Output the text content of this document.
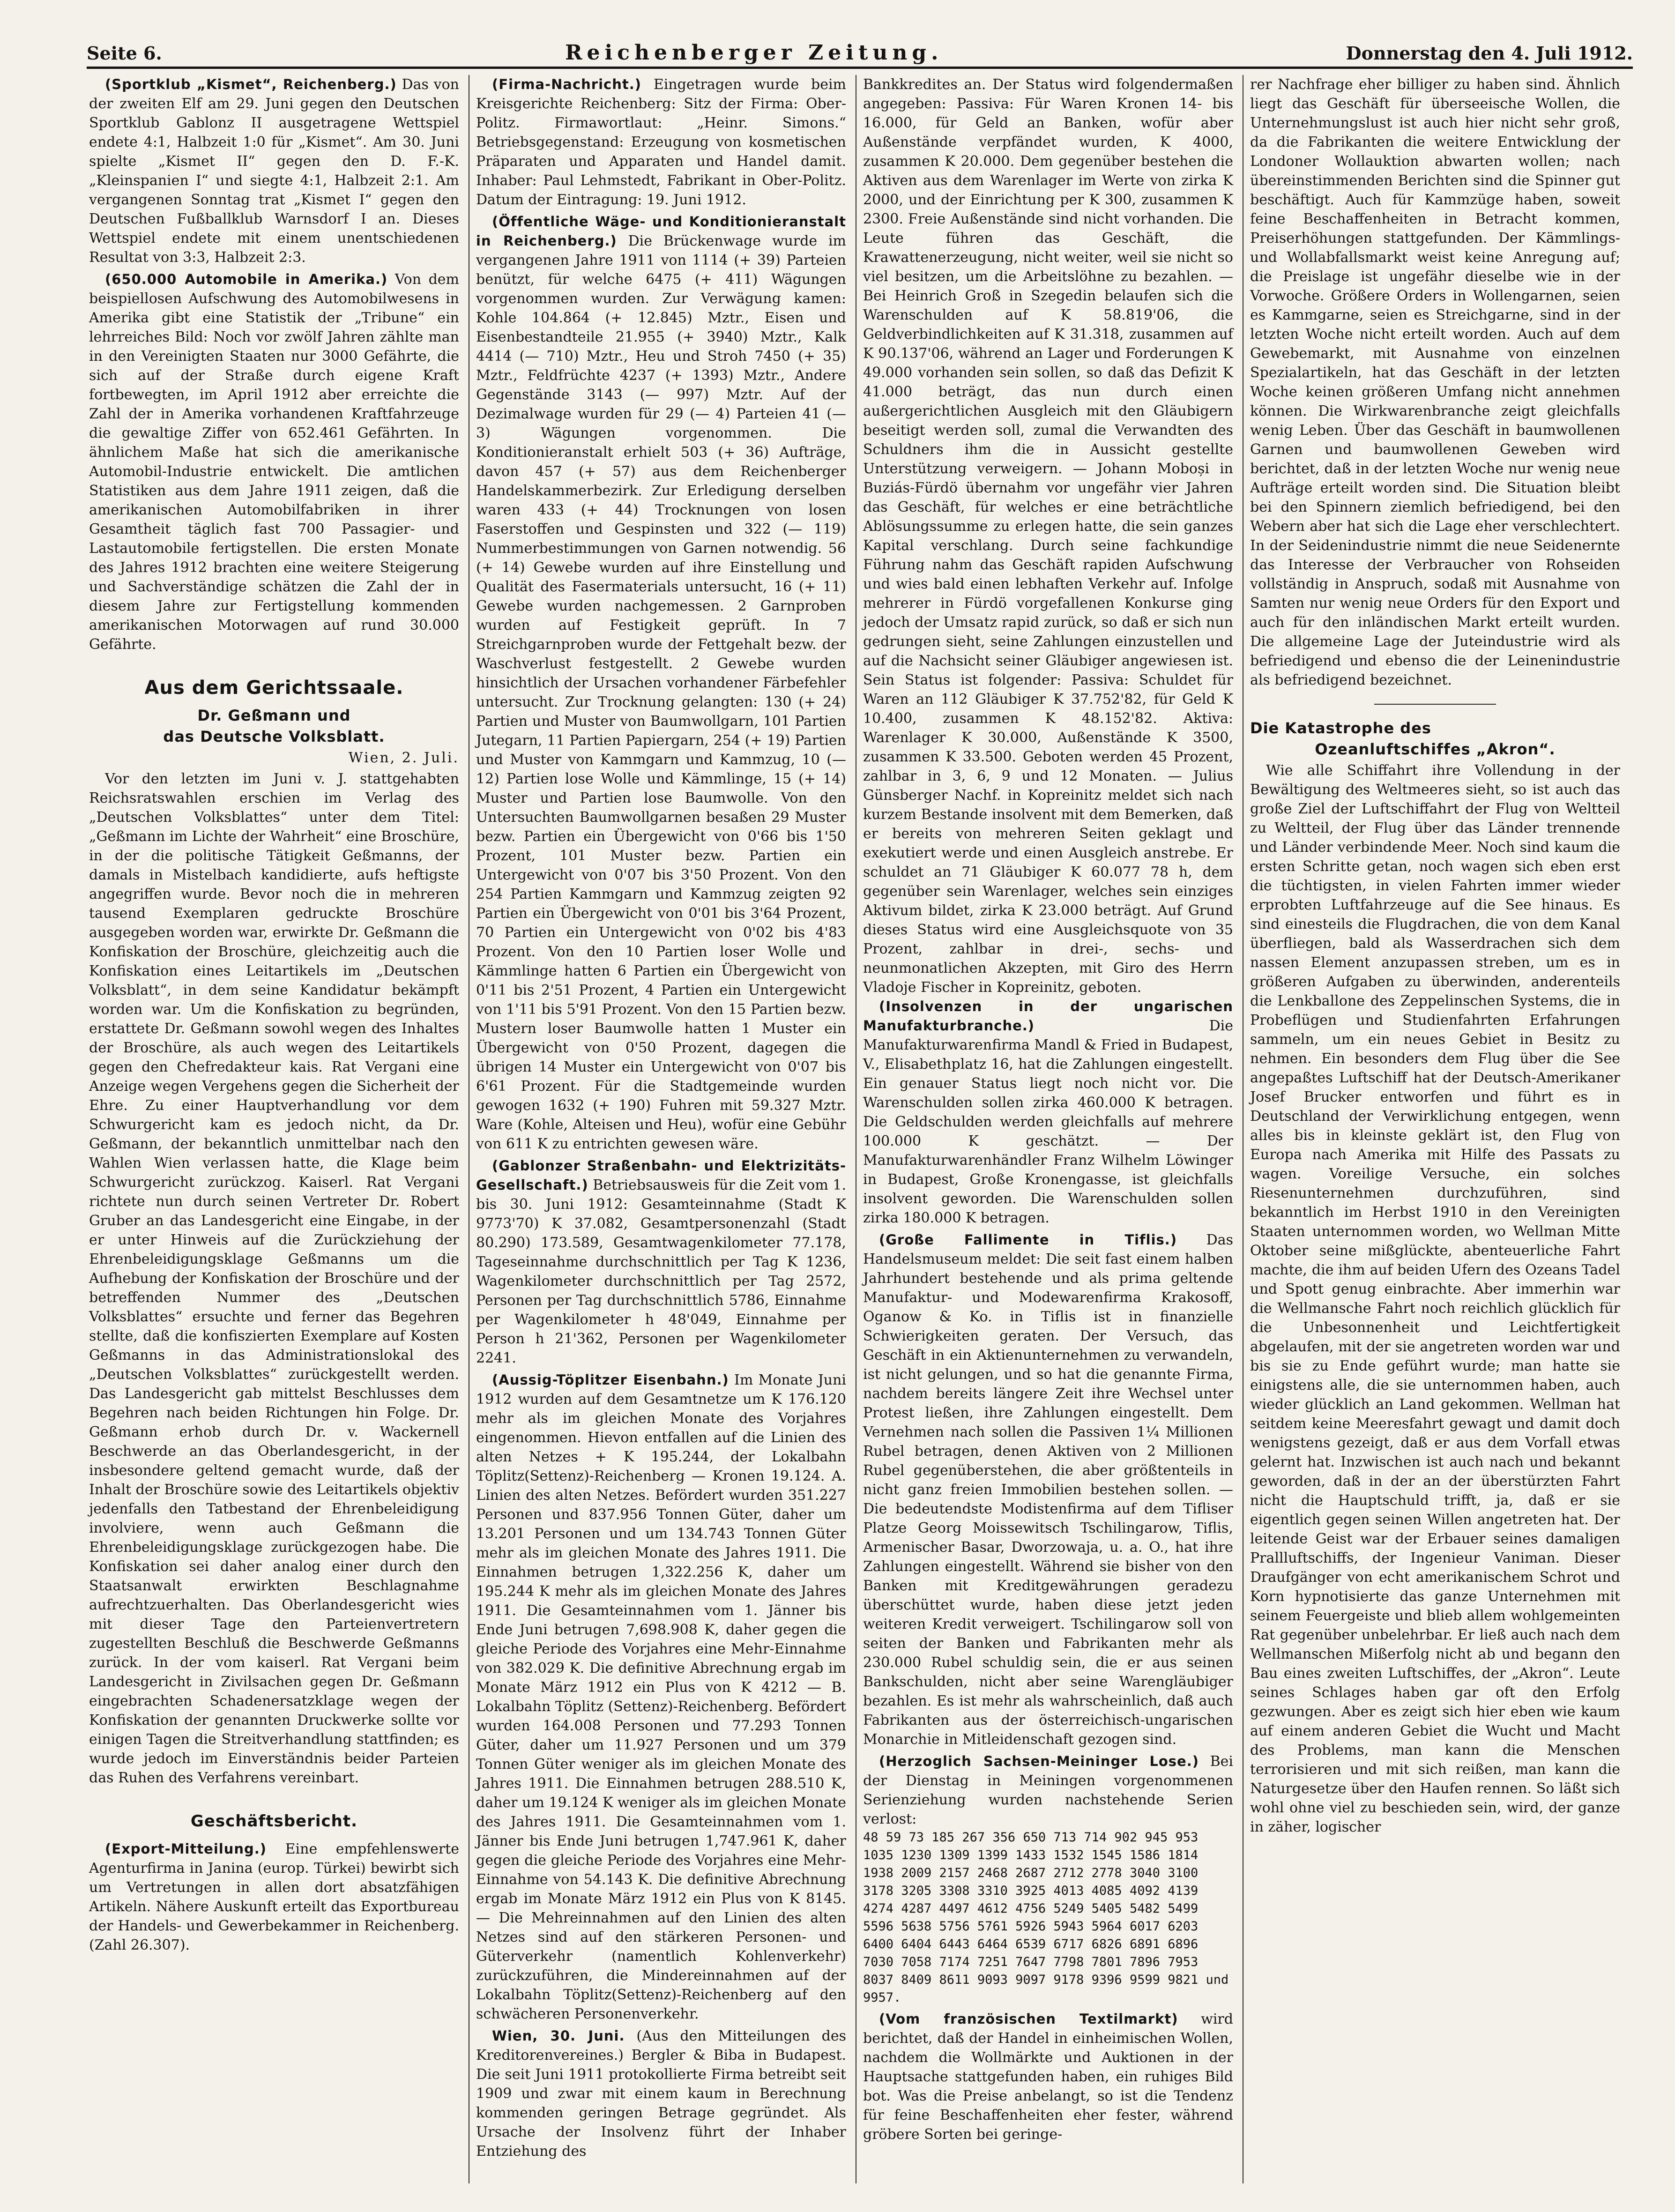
Seite 6.	Reichenberger Zeitung.	Donnerstag den 4. Juli 1912.

(Sportklub „Kismet“, Reichenberg.) Das von der zweiten Elf am 29. Juni gegen den Deutschen Sportklub Gablonz II ausgetragene Wettspiel endete 4:1, Halbzeit 1:0 für „Kismet“. Am 30. Juni spielte „Kismet II“ gegen den D. F.-K. „Kleinspanien I“ und siegte 4:1, Halbzeit 2:1. Am vergangenen Sonntag trat „Kismet I“ gegen den Deutschen Fußballklub Warnsdorf I an. Dieses Wettspiel endete mit einem unentschiedenen Resultat von 3:3, Halbzeit 2:3.

(650.000 Automobile in Amerika.) Von dem beispiellosen Aufschwung des Automobilwesens in Amerika gibt eine Statistik der „Tribune“ ein lehrreiches Bild: Noch vor zwölf Jahren zählte man in den Vereinigten Staaten nur 3000 Gefährte, die sich auf der Straße durch eigene Kraft fortbewegten, im April 1912 aber erreichte die Zahl der in Amerika vorhandenen Kraftfahrzeuge die gewaltige Ziffer von 652.461 Gefährten. In ähnlichem Maße hat sich die amerikanische Automobil-Industrie entwickelt. Die amtlichen Statistiken aus dem Jahre 1911 zeigen, daß die amerikanischen Automobilfabriken in ihrer Gesamtheit täglich fast 700 Passagier- und Lastautomobile fertigstellen. Die ersten Monate des Jahres 1912 brachten eine weitere Steigerung und Sachverständige schätzen die Zahl der in diesem Jahre zur Fertigstellung kommenden amerikanischen Motorwagen auf rund 30.000 Gefährte.

Aus dem Gerichtssaale.
Dr. Geßmann und
das Deutsche Volksblatt.
Wien, 2. Juli.

Vor den letzten im Juni v. J. stattgehabten Reichsratswahlen erschien im Verlag des „Deutschen Volksblattes“ unter dem Titel: „Geßmann im Lichte der Wahrheit“ eine Broschüre, in der die politische Tätigkeit Geßmanns, der damals in Mistelbach kandidierte, aufs heftigste angegriffen wurde. Bevor noch die in mehreren tausend Exemplaren gedruckte Broschüre ausgegeben worden war, erwirkte Dr. Geßmann die Konfiskation der Broschüre, gleichzeitig auch die Konfiskation eines Leitartikels im „Deutschen Volksblatt“, in dem seine Kandidatur bekämpft worden war. Um die Konfiskation zu begründen, erstattete Dr. Geßmann sowohl wegen des Inhaltes der Broschüre, als auch wegen des Leitartikels gegen den Chefredakteur kais. Rat Vergani eine Anzeige wegen Vergehens gegen die Sicherheit der Ehre. Zu einer Hauptverhandlung vor dem Schwurgericht kam es jedoch nicht, da Dr. Geßmann, der bekanntlich unmittelbar nach den Wahlen Wien verlassen hatte, die Klage beim Schwurgericht zurückzog. Kaiserl. Rat Vergani richtete nun durch seinen Vertreter Dr. Robert Gruber an das Landesgericht eine Eingabe, in der er unter Hinweis auf die Zurückziehung der Ehrenbeleidigungsklage Geßmanns um die Aufhebung der Konfiskation der Broschüre und der betreffenden Nummer des „Deutschen Volksblattes“ ersuchte und ferner das Begehren stellte, daß die konfiszierten Exemplare auf Kosten Geßmanns in das Administrationslokal des „Deutschen Volksblattes“ zurückgestellt werden. Das Landesgericht gab mittelst Beschlusses dem Begehren nach beiden Richtungen hin Folge. Dr. Geßmann erhob durch Dr. v. Wackernell Beschwerde an das Oberlandesgericht, in der insbesondere geltend gemacht wurde, daß der Inhalt der Broschüre sowie des Leitartikels objektiv jedenfalls den Tatbestand der Ehrenbeleidigung involviere, wenn auch Geßmann die Ehrenbeleidigungsklage zurückgezogen habe. Die Konfiskation sei daher analog einer durch den Staatsanwalt erwirkten Beschlagnahme aufrechtzuerhalten. Das Oberlandesgericht wies mit dieser Tage den Parteienvertretern zugestellten Beschluß die Beschwerde Geßmanns zurück. In der vom kaiserl. Rat Vergani beim Landesgericht in Zivilsachen gegen Dr. Geßmann eingebrachten Schadenersatzklage wegen der Konfiskation der genannten Druckwerke sollte vor einigen Tagen die Streitverhandlung stattfinden; es wurde jedoch im Einverständnis beider Parteien das Ruhen des Verfahrens vereinbart.

Geschäftsbericht.

(Export-Mitteilung.) Eine empfehlenswerte Agenturfirma in Janina (europ. Türkei) bewirbt sich um Vertretungen in allen dort absatzfähigen Artikeln. Nähere Auskunft erteilt das Exportbureau der Handels- und Gewerbekammer in Reichenberg. (Zahl 26.307).

(Firma-Nachricht.) Eingetragen wurde beim Kreisgerichte Reichenberg: Sitz der Firma: Ober-Politz. Firmawortlaut: „Heinr. Simons.“ Betriebsgegenstand: Erzeugung von kosmetischen Präparaten und Apparaten und Handel damit. Inhaber: Paul Lehmstedt, Fabrikant in Ober-Politz. Datum der Eintragung: 19. Juni 1912.

(Öffentliche Wäge- und Konditionieranstalt in Reichenberg.) Die Brückenwage wurde im vergangenen Jahre 1911 von 1114 (+ 39) Parteien benützt, für welche 6475 (+ 411) Wägungen vorgenommen wurden. Zur Verwägung kamen: Kohle 104.864 (+ 12.845) Mztr., Eisen und Eisenbestandteile 21.955 (+ 3940) Mztr., Kalk 4414 (— 710) Mztr., Heu und Stroh 7450 (+ 35) Mztr., Feldfrüchte 4237 (+ 1393) Mztr., Andere Gegenstände 3143 (— 997) Mztr. Auf der Dezimalwage wurden für 29 (— 4) Parteien 41 (— 3) Wägungen vorgenommen. Die Konditionieranstalt erhielt 503 (+ 36) Aufträge, davon 457 (+ 57) aus dem Reichenberger Handelskammerbezirk. Zur Erledigung derselben waren 433 (+ 44) Trocknungen von losen Faserstoffen und Gespinsten und 322 (— 119) Nummerbestimmungen von Garnen notwendig. 56 (+ 14) Gewebe wurden auf ihre Einstellung und Qualität des Fasermaterials untersucht, 16 (+ 11) Gewebe wurden nachgemessen. 2 Garnproben wurden auf Festigkeit geprüft. In 7 Streichgarnproben wurde der Fettgehalt bezw. der Waschverlust festgestellt. 2 Gewebe wurden hinsichtlich der Ursachen vorhandener Färbefehler untersucht. Zur Trocknung gelangten: 130 (+ 24) Partien und Muster von Baumwollgarn, 101 Partien Jutegarn, 11 Partien Papiergarn, 254 (+ 19) Partien und Muster von Kammgarn und Kammzug, 10 (— 12) Partien lose Wolle und Kämmlinge, 15 (+ 14) Muster und Partien lose Baumwolle. Von den Untersuchten Baumwollgarnen besaßen 29 Muster bezw. Partien ein Übergewicht von 0'66 bis 1'50 Prozent, 101 Muster bezw. Partien ein Untergewicht von 0'07 bis 3'50 Prozent. Von den 254 Partien Kammgarn und Kammzug zeigten 92 Partien ein Übergewicht von 0'01 bis 3'64 Prozent, 70 Partien ein Untergewicht von 0'02 bis 4'83 Prozent. Von den 10 Partien loser Wolle und Kämmlinge hatten 6 Partien ein Übergewicht von 0'11 bis 2'51 Prozent, 4 Partien ein Untergewicht von 1'11 bis 5'91 Prozent. Von den 15 Partien bezw. Mustern loser Baumwolle hatten 1 Muster ein Übergewicht von 0'50 Prozent, dagegen die übrigen 14 Muster ein Untergewicht von 0'07 bis 6'61 Prozent. Für die Stadtgemeinde wurden gewogen 1632 (+ 190) Fuhren mit 59.327 Mztr. Ware (Kohle, Alteisen und Heu), wofür eine Gebühr von 611 K zu entrichten gewesen wäre.

(Gablonzer Straßenbahn- und Elektrizitäts-Gesellschaft.) Betriebsausweis für die Zeit vom 1. bis 30. Juni 1912: Gesamteinnahme (Stadt K 9773'70) K 37.082, Gesamtpersonenzahl (Stadt 80.290) 173.589, Gesamtwagenkilometer 77.178, Tageseinnahme durchschnittlich per Tag K 1236, Wagenkilometer durchschnittlich per Tag 2572, Personen per Tag durchschnittlich 5786, Einnahme per Wagenkilometer h 48'049, Einnahme per Person h 21'362, Personen per Wagenkilometer 2241.

(Aussig-Töplitzer Eisenbahn.) Im Monate Juni 1912 wurden auf dem Gesamtnetze um K 176.120 mehr als im gleichen Monate des Vorjahres eingenommen. Hievon entfallen auf die Linien des alten Netzes + K 195.244, der Lokalbahn Töplitz(Settenz)-Reichenberg — Kronen 19.124. A. Linien des alten Netzes. Befördert wurden 351.227 Personen und 837.956 Tonnen Güter, daher um 13.201 Personen und um 134.743 Tonnen Güter mehr als im gleichen Monate des Jahres 1911. Die Einnahmen betrugen 1,322.256 K, daher um 195.244 K mehr als im gleichen Monate des Jahres 1911. Die Gesamteinnahmen vom 1. Jänner bis Ende Juni betrugen 7,698.908 K, daher gegen die gleiche Periode des Vorjahres eine Mehr-Einnahme von 382.029 K. Die definitive Abrechnung ergab im Monate März 1912 ein Plus von K 4212 — B. Lokalbahn Töplitz (Settenz)-Reichenberg. Befördert wurden 164.008 Personen und 77.293 Tonnen Güter, daher um 11.927 Personen und um 379 Tonnen Güter weniger als im gleichen Monate des Jahres 1911. Die Einnahmen betrugen 288.510 K, daher um 19.124 K weniger als im gleichen Monate des Jahres 1911. Die Gesamteinnahmen vom 1. Jänner bis Ende Juni betrugen 1,747.961 K, daher gegen die gleiche Periode des Vorjahres eine Mehr-Einnahme von 54.143 K. Die definitive Abrechnung ergab im Monate März 1912 ein Plus von K 8145. — Die Mehreinnahmen auf den Linien des alten Netzes sind auf den stärkeren Personen- und Güterverkehr (namentlich Kohlenverkehr) zurückzuführen, die Mindereinnahmen auf der Lokalbahn Töplitz(Settenz)-Reichenberg auf den schwächeren Personenverkehr.

Wien, 30. Juni. (Aus den Mitteilungen des Kreditorenvereines.) Bergler & Biba in Budapest. Die seit Juni 1911 protokollierte Firma betreibt seit 1909 und zwar mit einem kaum in Berechnung kommenden geringen Betrage gegründet. Als Ursache der Insolvenz führt der Inhaber Entziehung des

Bankkredites an. Der Status wird folgendermaßen angegeben: Passiva: Für Waren Kronen 14- bis 16.000, für Geld an Banken, wofür aber Außenstände verpfändet wurden, K 4000, zusammen K 20.000. Dem gegenüber bestehen die Aktiven aus dem Warenlager im Werte von zirka K 2000, und der Einrichtung per K 300, zusammen K 2300. Freie Außenstände sind nicht vorhanden. Die Leute führen das Geschäft, die Krawattenerzeugung, nicht weiter, weil sie nicht so viel besitzen, um die Arbeitslöhne zu bezahlen. — Bei Heinrich Groß in Szegedin belaufen sich die Warenschulden auf K 58.819'06, die Geldverbindlichkeiten auf K 31.318, zusammen auf K 90.137'06, während an Lager und Forderungen K 49.000 vorhanden sein sollen, so daß das Defizit K 41.000 beträgt, das nun durch einen außergerichtlichen Ausgleich mit den Gläubigern beseitigt werden soll, zumal die Verwandten des Schuldners ihm die in Aussicht gestellte Unterstützung verweigern. — Johann Moboși in Buziás-Fürdö übernahm vor ungefähr vier Jahren das Geschäft, für welches er eine beträchtliche Ablösungssumme zu erlegen hatte, die sein ganzes Kapital verschlang. Durch seine fachkundige Führung nahm das Geschäft rapiden Aufschwung und wies bald einen lebhaften Verkehr auf. Infolge mehrerer in Fürdö vorgefallenen Konkurse ging jedoch der Umsatz rapid zurück, so daß er sich nun gedrungen sieht, seine Zahlungen einzustellen und auf die Nachsicht seiner Gläubiger angewiesen ist. Sein Status ist folgender: Passiva: Schuldet für Waren an 112 Gläubiger K 37.752'82, für Geld K 10.400, zusammen K 48.152'82. Aktiva: Warenlager K 30.000, Außenstände K 3500, zusammen K 33.500. Geboten werden 45 Prozent, zahlbar in 3, 6, 9 und 12 Monaten. — Julius Günsberger Nachf. in Kopreinitz meldet sich nach kurzem Bestande insolvent mit dem Bemerken, daß er bereits von mehreren Seiten geklagt und exekutiert werde und einen Ausgleich anstrebe. Er schuldet an 71 Gläubiger K 60.077 78 h, dem gegenüber sein Warenlager, welches sein einziges Aktivum bildet, zirka K 23.000 beträgt. Auf Grund dieses Status wird eine Ausgleichsquote von 35 Prozent, zahlbar in drei-, sechs- und neunmonatlichen Akzepten, mit Giro des Herrn Vladoje Fischer in Kopreinitz, geboten.

(Insolvenzen in der ungarischen Manufakturbranche.)	Die Manufakturwarenfirma Mandl & Fried in Budapest, V., Elisabethplatz 16, hat die Zahlungen eingestellt. Ein genauer Status liegt noch nicht vor. Die Warenschulden sollen zirka 460.000 K betragen. Die Geldschulden werden gleichfalls auf mehrere 100.000 K geschätzt. — Der Manufakturwarenhändler Franz Wilhelm Löwinger in Budapest, Große Kronengasse, ist gleichfalls insolvent geworden. Die Warenschulden sollen zirka 180.000 K betragen.

(Große Fallimente in Tiflis.) Das Handelsmuseum meldet: Die seit fast einem halben Jahrhundert bestehende und als prima geltende Manufaktur- und Modewarenfirma Krakosoff, Oganow & Ko. in Tiflis ist in finanzielle Schwierigkeiten geraten. Der Versuch, das Geschäft in ein Aktienunternehmen zu verwandeln, ist nicht gelungen, und so hat die genannte Firma, nachdem bereits längere Zeit ihre Wechsel unter Protest ließen, ihre Zahlungen eingestellt. Dem Vernehmen nach sollen die Passiven 1¼ Millionen Rubel betragen, denen Aktiven von 2 Millionen Rubel gegenüberstehen, die aber größtenteils in nicht ganz freien Immobilien bestehen sollen. — Die bedeutendste Modistenfirma auf dem Tifliser Platze Georg Moissewitsch Tschilingarow, Tiflis, Armenischer Basar, Dworzowaja, u. a. O., hat ihre Zahlungen eingestellt. Während sie bisher von den Banken mit Kreditgewährungen geradezu überschüttet wurde, haben diese jetzt jeden weiteren Kredit verweigert. Tschilingarow soll von seiten der Banken und Fabrikanten mehr als 230.000 Rubel schuldig sein, die er aus seinen Bankschulden, nicht aber seine Warengläubiger bezahlen. Es ist mehr als wahrscheinlich, daß auch Fabrikanten aus der österreichisch-ungarischen Monarchie in Mitleidenschaft gezogen sind.

(Herzoglich Sachsen-Meininger Lose.) Bei der Dienstag in Meiningen vorgenommenen Serienziehung wurden nachstehende Serien verlost:

48 59 73 185 267 356 650 713 714 902 945 953 1035 1230 1309 1399 1433 1532 1545 1586 1814 1938 2009 2157 2468 2687 2712 2778 3040 3100 3178 3205 3308 3310 3925 4013 4085 4092 4139 4274 4287 4497 4612 4756 5249 5405 5482 5499 5596 5638 5756 5761 5926 5943 5964 6017 6203 6400 6404 6443 6464 6539 6717 6826 6891 6896 7030 7058 7174 7251 7647 7798 7801 7896 7953 8037 8409 8611 9093 9097 9178 9396 9599 9821 und 9957.

(Vom französischen Textilmarkt) wird berichtet, daß der Handel in einheimischen Wollen, nachdem die Wollmärkte und Auktionen in der Hauptsache stattgefunden haben, ein ruhiges Bild bot. Was die Preise anbelangt, so ist die Tendenz für feine Beschaffenheiten eher fester, während gröbere Sorten bei geringe-

rer Nachfrage eher billiger zu haben sind. Ähnlich liegt das Geschäft für überseeische Wollen, die Unternehmungslust ist auch hier nicht sehr groß, da die Fabrikanten die weitere Entwicklung der Londoner Wollauktion abwarten wollen; nach übereinstimmenden Berichten sind die Spinner gut beschäftigt. Auch für Kammzüge haben, soweit feine Beschaffenheiten in Betracht kommen, Preiserhöhungen stattgefunden. Der Kämmlings- und Wollabfallsmarkt weist keine Anregung auf; die Preislage ist ungefähr dieselbe wie in der Vorwoche. Größere Orders in Wollengarnen, seien es Kammgarne, seien es Streichgarne, sind in der letzten Woche nicht erteilt worden. Auch auf dem Gewebemarkt, mit Ausnahme von einzelnen Spezialartikeln, hat das Geschäft in der letzten Woche keinen größeren Umfang nicht annehmen können. Die Wirkwarenbranche zeigt gleichfalls wenig Leben. Über das Geschäft in baumwollenen Garnen und baumwollenen Geweben wird berichtet, daß in der letzten Woche nur wenig neue Aufträge erteilt worden sind. Die Situation bleibt bei den Spinnern ziemlich befriedigend, bei den Webern aber hat sich die Lage eher verschlechtert. In der Seidenindustrie nimmt die neue Seidenernte das Interesse der Verbraucher von Rohseiden vollständig in Anspruch, sodaß mit Ausnahme von Samten nur wenig neue Orders für den Export und auch für den inländischen Markt erteilt wurden. Die allgemeine Lage der Juteindustrie wird als befriedigend und ebenso die der Leinenindustrie als befriedigend bezeichnet.

Die Katastrophe des
Ozeanluftschiffes „Akron“.

Wie alle Schiffahrt ihre Vollendung in der Bewältigung des Weltmeeres sieht, so ist auch das große Ziel der Luftschiffahrt der Flug von Weltteil zu Weltteil, der Flug über das Länder trennende und Länder verbindende Meer. Noch sind kaum die ersten Schritte getan, noch wagen sich eben erst die tüchtigsten, in vielen Fahrten immer wieder erprobten Luftfahrzeuge auf die See hinaus. Es sind einesteils die Flugdrachen, die von dem Kanal überfliegen, bald als Wasserdrachen sich dem nassen Element anzupassen streben, um es in größeren Aufgaben zu überwinden, anderenteils die Lenkballone des Zeppelinschen Systems, die in Probeflügen und Studienfahrten Erfahrungen sammeln, um ein neues Gebiet in Besitz zu nehmen. Ein besonders dem Flug über die See angepaßtes Luftschiff hat der Deutsch-Amerikaner Josef Brucker entworfen und führt es in Deutschland der Verwirklichung entgegen, wenn alles bis in kleinste geklärt ist, den Flug von Europa nach Amerika mit Hilfe des Passats zu wagen. Voreilige Versuche, ein solches Riesenunternehmen durchzuführen, sind bekanntlich im Herbst 1910 in den Vereinigten Staaten unternommen worden, wo Wellman Mitte Oktober seine mißglückte, abenteuerliche Fahrt machte, die ihm auf beiden Ufern des Ozeans Tadel und Spott genug einbrachte. Aber immerhin war die Wellmansche Fahrt noch reichlich glücklich für die Unbesonnenheit und Leichtfertigkeit abgelaufen, mit der sie angetreten worden war und bis sie zu Ende geführt wurde; man hatte sie einigstens alle, die sie unternommen haben, auch wieder glücklich an Land gekommen. Wellman hat seitdem keine Meeresfahrt gewagt und damit doch wenigstens gezeigt, daß er aus dem Vorfall etwas gelernt hat. Inzwischen ist auch nach und bekannt geworden, daß in der an der überstürzten Fahrt nicht die Hauptschuld trifft, ja, daß er sie eigentlich gegen seinen Willen angetreten hat. Der leitende Geist war der Erbauer seines damaligen Prallluftschiffs, der Ingenieur Vaniman. Dieser Draufgänger von echt amerikanischem Schrot und Korn hypnotisierte das ganze Unternehmen mit seinem Feuergeiste und blieb allem wohlgemeinten Rat gegenüber unbelehrbar. Er ließ auch nach dem Wellmanschen Mißerfolg nicht ab und begann den Bau eines zweiten Luftschiffes, der „Akron“. Leute seines Schlages haben gar oft den Erfolg gezwungen. Aber es zeigt sich hier eben wie kaum auf einem anderen Gebiet die Wucht und Macht des Problems, man kann die Menschen terrorisieren und mit sich reißen, man kann die Naturgesetze über den Haufen rennen. So läßt sich wohl ohne viel zu beschieden sein, wird, der ganze in zäher, logischer
